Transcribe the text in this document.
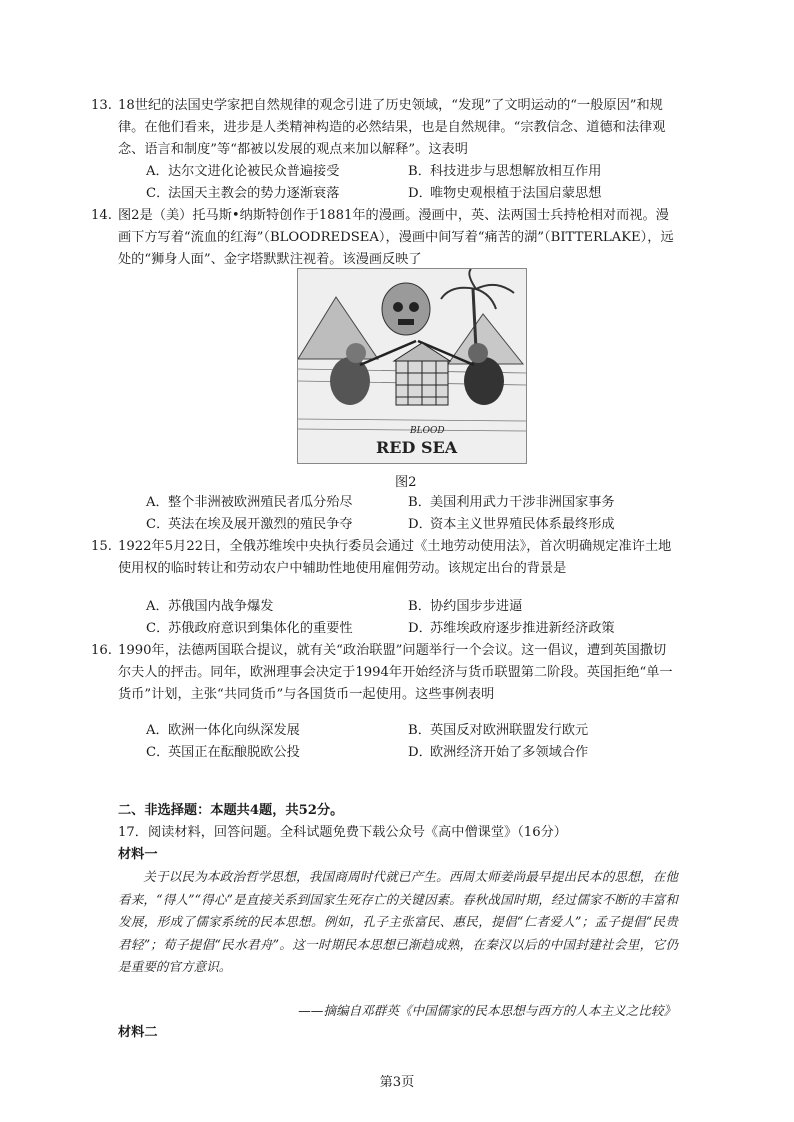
13. 18世纪的法国史学家把自然规律的观念引进了历史领域，“发现”了文明运动的“一般原因”和规律。在他们看来，进步是人类精神构造的必然结果，也是自然规律。“宗教信念、道德和法律观念、语言和制度”等“都被以发展的观点来加以解释”。这表明
A．达尔文进化论被民众普遍接受	B．科技进步与思想解放相互作用
C．法国天主教会的势力逐渐衰落	D．唯物史观根植于法国启蒙思想
14. 图2是（美）托马斯•纳斯特创作于1881年的漫画。漫画中，英、法两国士兵持枪相对而视。漫画下方写着“流血的红海”（BLOODREDSEA），漫画中间写着“痛苦的湖”（BITTERLAKE），远处的“狮身人面”、金字塔默默注视着。该漫画反映了
BLOOD
RED SEA
图2
A．整个非洲被欧洲殖民者瓜分殆尽	B．美国利用武力干涉非洲国家事务
C．英法在埃及展开激烈的殖民争夺	D．资本主义世界殖民体系最终形成
15. 1922年5月22日，全俄苏维埃中央执行委员会通过《土地劳动使用法》，首次明确规定准许土地使用权的临时转让和劳动农户中辅助性地使用雇佣劳动。该规定出台的背景是
A．苏俄国内战争爆发	B．协约国步步进逼
C．苏俄政府意识到集体化的重要性	D．苏维埃政府逐步推进新经济政策
16. 1990年，法德两国联合提议，就有关“政治联盟”问题举行一个会议。这一倡议，遭到英国撒切尔夫人的抨击。同年，欧洲理事会决定于1994年开始经济与货币联盟第二阶段。英国拒绝“单一货币”计划，主张“共同货币”与各国货币一起使用。这些事例表明
A．欧洲一体化向纵深发展	B．英国反对欧洲联盟发行欧元
C．英国正在酝酿脱欧公投	D．欧洲经济开始了多领域合作
二、非选择题：本题共4题，共52分。
17．阅读材料，回答问题。全科试题免费下载公众号《高中僧课堂》（16分）
材料一

关于以民为本政治哲学思想，我国商周时代就已产生。西周太师姜尚最早提出民本的思想，在他看来，“得人”“得心”是直接关系到国家生死存亡的关键因素。春秋战国时期，经过儒家不断的丰富和发展，形成了儒家系统的民本思想。例如，孔子主张富民、惠民，提倡“仁者爱人”；孟子提倡“民贵君轻”；荀子提倡“民水君舟”。这一时期民本思想已渐趋成熟，在秦汉以后的中国封建社会里，它仍是重要的官方意识。

——摘编自邓群英《中国儒家的民本思想与西方的人本主义之比较》
材料二
第3页
